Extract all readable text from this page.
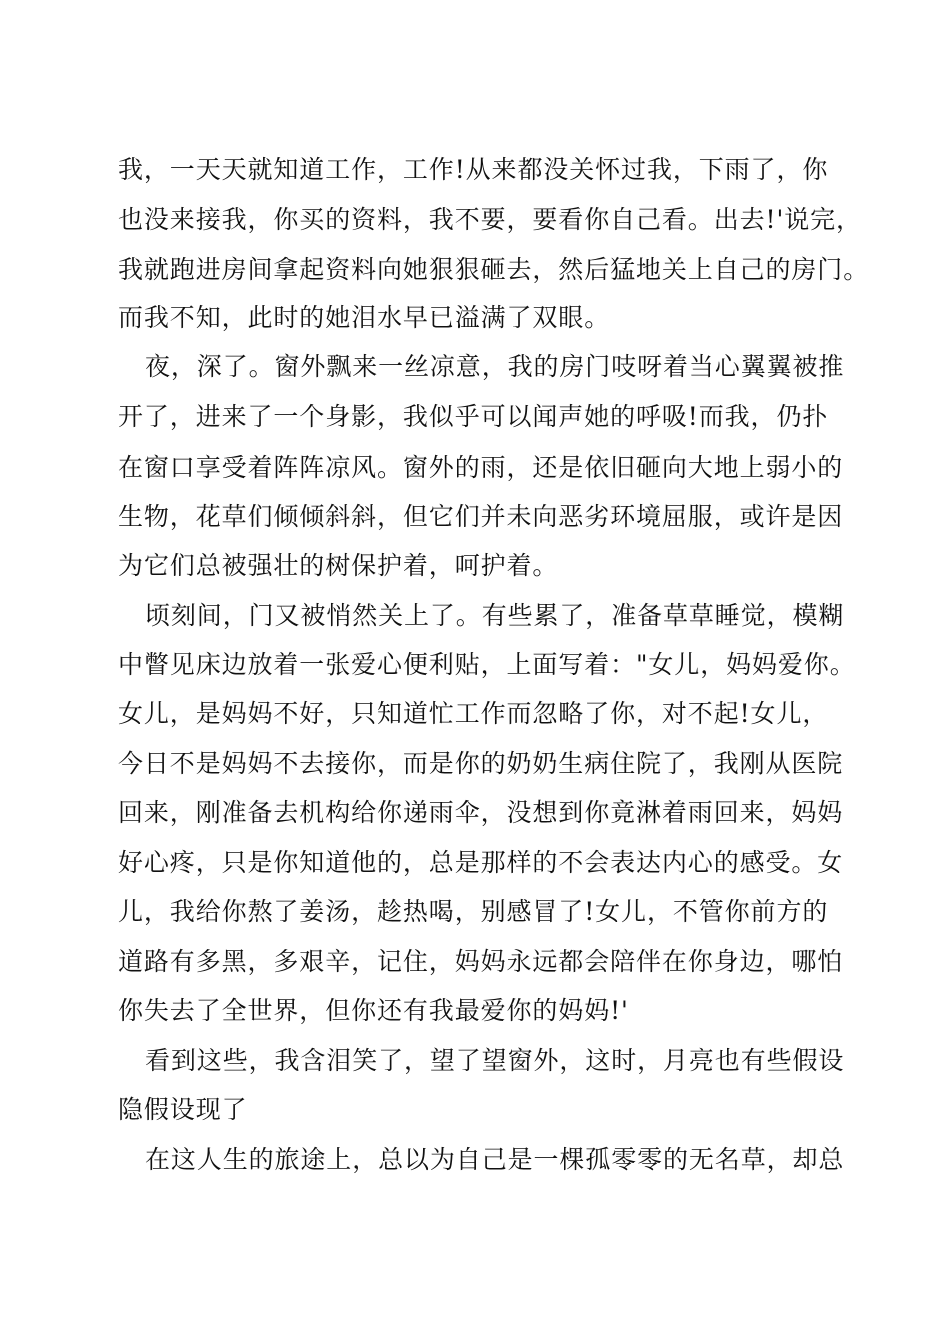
我，一天天就知道工作，工作!从来都没关怀过我，下雨了，你
也没来接我，你买的资料，我不要，要看你自己看。出去!'说完，
我就跑进房间拿起资料向她狠狠砸去，然后猛地关上自己的房门。
而我不知，此时的她泪水早已溢满了双眼。
夜，深了。窗外飘来一丝凉意，我的房门吱呀着当心翼翼被推
开了，进来了一个身影，我似乎可以闻声她的呼吸!而我，仍扑
在窗口享受着阵阵凉风。窗外的雨，还是依旧砸向大地上弱小的
生物，花草们倾倾斜斜，但它们并未向恶劣环境屈服，或许是因
为它们总被强壮的树保护着，呵护着。
顷刻间，门又被悄然关上了。有些累了，准备草草睡觉，模糊
中瞥见床边放着一张爱心便利贴，上面写着："女儿，妈妈爱你。
女儿，是妈妈不好，只知道忙工作而忽略了你，对不起!女儿，
今日不是妈妈不去接你，而是你的奶奶生病住院了，我刚从医院
回来，刚准备去机构给你递雨伞，没想到你竟淋着雨回来，妈妈
好心疼，只是你知道他的，总是那样的不会表达内心的感受。女
儿，我给你熬了姜汤，趁热喝，别感冒了!女儿，不管你前方的
道路有多黑，多艰辛，记住，妈妈永远都会陪伴在你身边，哪怕
你失去了全世界，但你还有我最爱你的妈妈!'
看到这些，我含泪笑了，望了望窗外，这时，月亮也有些假设
隐假设现了
在这人生的旅途上，总以为自己是一棵孤零零的无名草，却总
